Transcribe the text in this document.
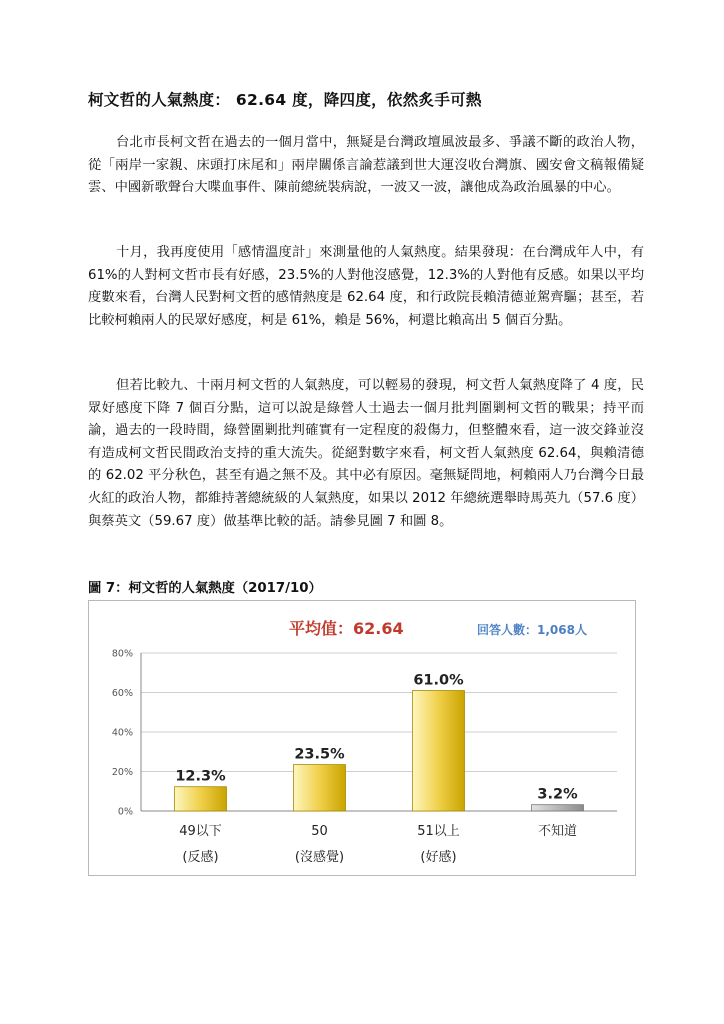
柯文哲的人氣熱度： 62.64 度，降四度，依然炙手可熱

台北市長柯文哲在過去的一個月當中，無疑是台灣政壇風波最多、爭議不斷的政治人物，從「兩岸一家親、床頭打床尾和」兩岸關係言論惹議到世大運沒收台灣旗、國安會文稿報備疑雲、中國新歌聲台大喋血事件、陳前總統裝病說，一波又一波，讓他成為政治風暴的中心。

十月，我再度使用「感情溫度計」來測量他的人氣熱度。結果發現：在台灣成年人中，有 61%的人對柯文哲市長有好感，23.5%的人對他沒感覺，12.3%的人對他有反感。如果以平均度數來看，台灣人民對柯文哲的感情熱度是 62.64 度，和行政院長賴清德並駕齊驅；甚至，若比較柯賴兩人的民眾好感度，柯是 61%，賴是 56%，柯還比賴高出 5 個百分點。

但若比較九、十兩月柯文哲的人氣熱度，可以輕易的發現，柯文哲人氣熱度降了 4 度，民眾好感度下降 7 個百分點，這可以說是綠營人士過去一個月批判圍剿柯文哲的戰果；持平而論，過去的一段時間，綠營圍剿批判確實有一定程度的殺傷力，但整體來看，這一波交鋒並沒有造成柯文哲民間政治支持的重大流失。從絕對數字來看，柯文哲人氣熱度 62.64，與賴清德的 62.02 平分秋色，甚至有過之無不及。其中必有原因。毫無疑問地，柯賴兩人乃台灣今日最火紅的政治人物，都維持著總統級的人氣熱度，如果以 2012 年總統選舉時馬英九（57.6 度）與蔡英文（59.67 度）做基準比較的話。請參見圖 7 和圖 8。

圖 7：柯文哲的人氣熱度（2017/10）
平均值：62.64	回答人數：1,068人
0%
20%
40%
60%
80%
12.3%
49以下
(反感)
23.5%
50
(沒感覺)
61.0%
51以上
(好感)
3.2%
不知道
